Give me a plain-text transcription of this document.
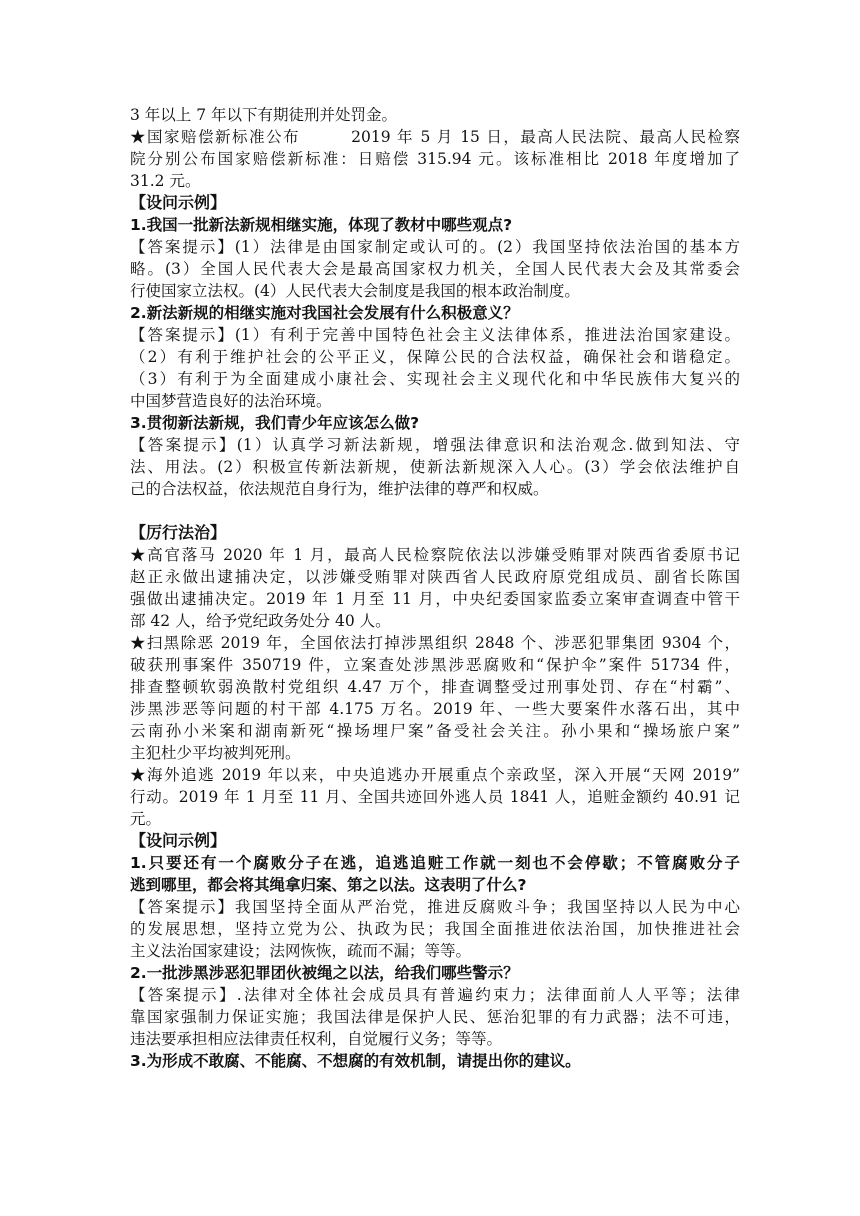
3 年以上 7 年以下有期徒刑并处罚金。

★国家赔偿新标准公布　　　2019 年 5 月 15 日，最高人民法院、最高人民检察

院分别公布国家赔偿新标准：日赔偿 315.94 元。该标准相比 2018 年度增加了

31.2 元。

【设问示例】

1.我国一批新法新规相继实施，体现了教材中哪些观点?

【答案提示】(1）法律是由国家制定或认可的。(2）我国坚持依法治国的基本方

略。(3）全国人民代表大会是最高国家权力机关，全国人民代表大会及其常委会

行使国家立法权。(4）人民代表大会制度是我国的根本政治制度。

2.新法新规的相继实施对我国社会发展有什么积极意义？

【答案提示】(1）有利于完善中国特色社会主义法律体系，推进法治国家建设。

（2）有利于维护社会的公平正义，保障公民的合法权益，确保社会和谐稳定。

（3）有利于为全面建成小康社会、实现社会主义现代化和中华民族伟大复兴的

中国梦营造良好的法治环境。

3.贯彻新法新规，我们青少年应该怎么做?

【答案提示】(1）认真学习新法新规，增强法律意识和法治观念.做到知法、守

法、用法。(2）积极宣传新法新规，使新法新规深入人心。(3）学会依法维护自

己的合法权益，依法规范自身行为，维护法律的尊严和权威。

【厉行法治】

★高官落马 2020 年 1 月，最高人民检察院依法以涉嫌受贿罪对陕西省委原书记

赵正永做出逮捕决定，以涉嫌受贿罪对陕西省人民政府原党组成员、副省长陈国

强做出逮捕决定。2019 年 1 月至 11 月，中央纪委国家监委立案审查调查中管干

部 42 人，给予党纪政务处分 40 人。

★扫黑除恶 2019 年，全国依法打掉涉黑组织 2848 个、涉恶犯罪集团 9304 个，

破获刑事案件 350719 件，立案查处涉黑涉恶腐败和“保护伞”案件 51734 件，

排查整顿软弱涣散村党组织 4.47 万个，排查调整受过刑事处罚、存在“村霸”、

涉黑涉恶等问题的村干部 4.175 万名。2019 年、一些大要案件水落石出，其中

云南孙小米案和湖南新死“操场埋尸案”备受社会关注。孙小果和“操场旅户案”

主犯杜少平均被判死刑。

★海外追逃 2019 年以来，中央追逃办开展重点个亲政坚，深入开展“天网 2019”

行动。2019 年 1 月至 11 月、全国共迹回外逃人员 1841 人，追赃金额约 40.91 记

元。

【设问示例】

1.只要还有一个腐败分子在逃，追逃追赃工作就一刻也不会停歇；不管腐败分子

逃到哪里，都会将其绳拿归案、第之以法。这表明了什么?

【答案提示】我国坚持全面从严治党，推进反腐败斗争；我国坚持以人民为中心

的发展思想，坚持立党为公、执政为民；我国全面推进依法治国，加快推进社会

主义法治国家建设；法网恢恢，疏而不漏；等等。

2.一批涉黑涉恶犯罪团伙被绳之以法，给我们哪些警示？

【答案提示】.法律对全体社会成员具有普遍约束力；法律面前人人平等；法律

靠国家强制力保证实施；我国法律是保护人民、惩治犯罪的有力武器；法不可违，

违法要承担相应法律责任权利，自觉履行义务；等等。

3.为形成不敢腐、不能腐、不想腐的有效机制，请提出你的建议。
